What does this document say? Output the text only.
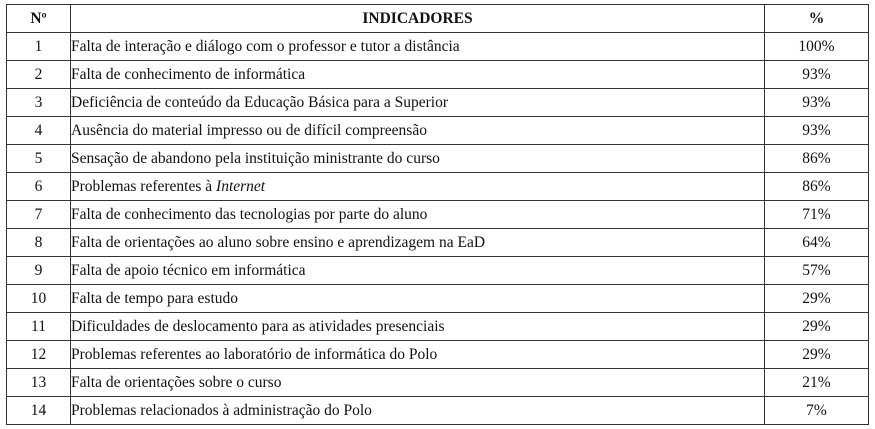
Nº	INDICADORES	%
1	Falta de interação e diálogo com o professor e tutor a distância	100%
2	Falta de conhecimento de informática	93%
3	Deficiência de conteúdo da Educação Básica para a Superior	93%
4	Ausência do material impresso ou de difícil compreensão	93%
5	Sensação de abandono pela instituição ministrante do curso	86%
6	Problemas referentes à Internet	86%
7	Falta de conhecimento das tecnologias por parte do aluno	71%
8	Falta de orientações ao aluno sobre ensino e aprendizagem na EaD	64%
9	Falta de apoio técnico em informática	57%
10	Falta de tempo para estudo	29%
11	Dificuldades de deslocamento para as atividades presenciais	29%
12	Problemas referentes ao laboratório de informática do Polo	29%
13	Falta de orientações sobre o curso	21%
14	Problemas relacionados à administração do Polo	7%
